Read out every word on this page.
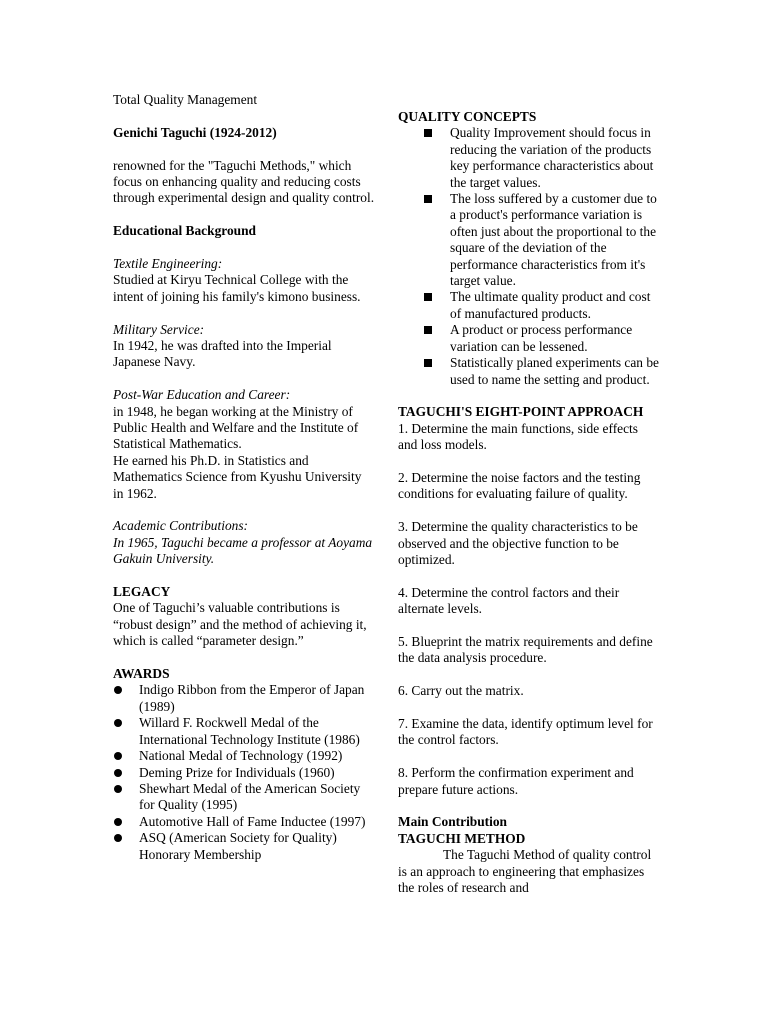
Total Quality Management

Genichi Taguchi (1924-2012)

renowned for the "Taguchi Methods," which focus on enhancing quality and reducing costs through experimental design and quality control.

Educational Background

Textile Engineering:

Studied at Kiryu Technical College with the intent of joining his family's kimono business.

Military Service:

In 1942, he was drafted into the Imperial Japanese Navy.

Post-War Education and Career:

in 1948, he began working at the Ministry of Public Health and Welfare and the Institute of Statistical Mathematics.

He earned his Ph.D. in Statistics and Mathematics Science from Kyushu University in 1962.

Academic Contributions:

In 1965, Taguchi became a professor at Aoyama Gakuin University.

LEGACY

One of Taguchi’s valuable contributions is “robust design” and the method of achieving it, which is called “parameter design.”

AWARDS

Indigo Ribbon from the Emperor of Japan (1989)
Willard F. Rockwell Medal of the International Technology Institute (1986)
National Medal of Technology (1992)
Deming Prize for Individuals (1960)
Shewhart Medal of the American Society for Quality (1995)
Automotive Hall of Fame Inductee (1997)
ASQ (American Society for Quality) Honorary Membership

QUALITY CONCEPTS

Quality Improvement should focus in reducing the variation of the products key performance characteristics about the target values.
The loss suffered by a customer due to a product's performance variation is often just about the proportional to the square of the deviation of the performance characteristics from it's target value.
The ultimate quality product and cost of manufactured products.
A product or process performance variation can be lessened.
Statistically planed experiments can be used to name the setting and product.

TAGUCHI'S EIGHT-POINT APPROACH

1. Determine the main functions, side effects and loss models.

2. Determine the noise factors and the testing conditions for evaluating failure of quality.

3. Determine the quality characteristics to be observed and the objective function to be optimized.

4. Determine the control factors and their alternate levels.

5. Blueprint the matrix requirements and define the data analysis procedure.

6. Carry out the matrix.

7. Examine the data, identify optimum level for the control factors.

8. Perform the confirmation experiment and prepare future actions.

Main Contribution

TAGUCHI METHOD

The Taguchi Method of quality control is an approach to engineering that emphasizes the roles of research and
